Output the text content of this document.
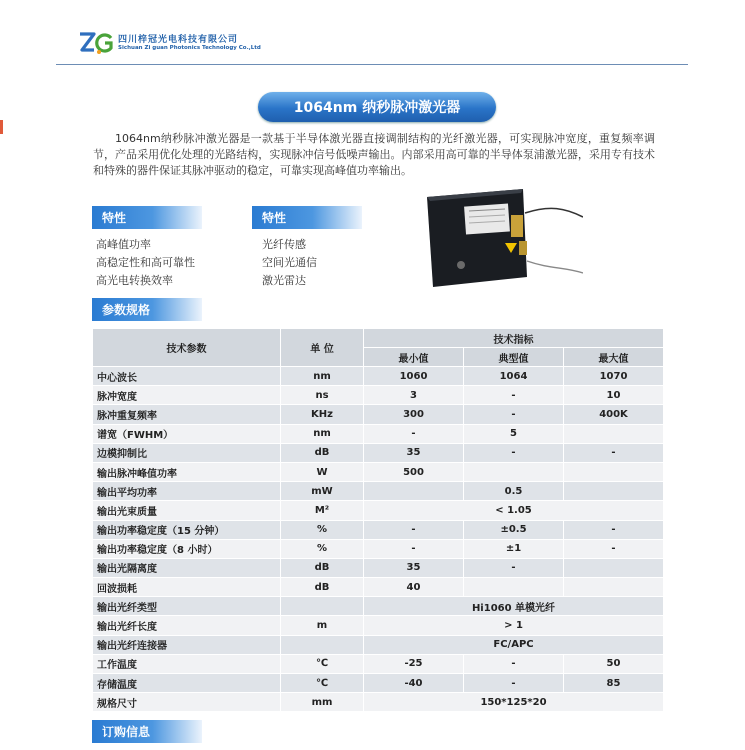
四川梓冠光电科技有限公司
Sichuan Zi guan Photonics Technology Co.,Ltd
1064nm 纳秒脉冲激光器
1064nm纳秒脉冲激光器是一款基于半导体激光器直接调制结构的光纤激光器，可实现脉冲宽度，重复频率调节，产品采用优化处理的光路结构，实现脉冲信号低噪声输出。内部采用高可靠的半导体泵浦激光器，采用专有技术和特殊的器件保证其脉冲驱动的稳定，可靠实现高峰值功率输出。
特性	特性
高峰值功率
高稳定性和高可靠性
高光电转换效率
光纤传感
空间光通信
激光雷达
参数规格
技术参数	单 位	技术指标		
		最小值	典型值	最大值
中心波长	nm	1060	1064	1070
脉冲宽度	ns	3	-	10
脉冲重复频率	KHz	300	-	400K
谱宽（FWHM）	nm	-	5	
边模抑制比	dB	35	-	-
输出脉冲峰值功率	W	500		
输出平均功率	mW		0.5	
输出光束质量	M²	< 1.05		
输出功率稳定度（15 分钟）	%	-	±0.5	-
输出功率稳定度（8 小时）	%	-	±1	-
输出光隔离度	dB	35	-	
回波损耗	dB	40		
输出光纤类型		Hi1060 单模光纤		
输出光纤长度	m	> 1		
输出光纤连接器		FC/APC		
工作温度	℃	-25	-	50
存储温度	℃	-40	-	85
规格尺寸	mm	150*125*20		
订购信息
